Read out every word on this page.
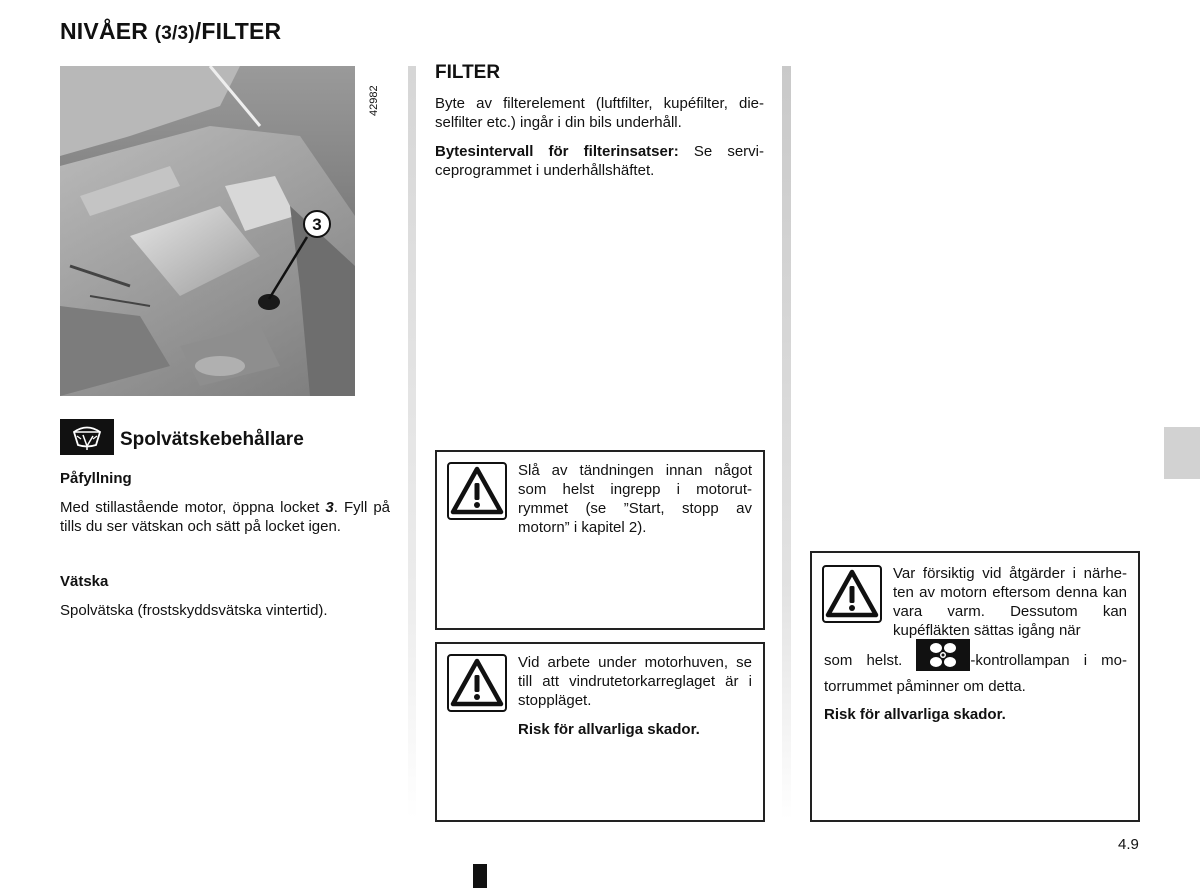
NIVÅER (3/3)/FILTER
3
42982
Spolvätskebehållare
Påfyllning
Med stillastående motor, öppna locket 3. Fyll på tills du ser vätskan och sätt på locket igen.
Vätska
Spolvätska (frostskyddsvätska vintertid).
FILTER
Byte av filterelement (luftfilter, kupéfilter, die-selfilter etc.) ingår i din bils underhåll.
Bytesintervall för filterinsatser: Se servi-ceprogrammet i underhållshäftet.
Slå av tändningen innan något som helst ingrepp i motorut-rymmet (se ”Start, stopp av motorn” i kapitel 2).
Vid arbete under motorhuven, se till att vindrutetorkarreglaget är i stoppläget.
Risk för allvarliga skador.
Var försiktig vid åtgärder i närhe-ten av motorn eftersom denna kan vara varm. Dessutom kan kupéfläkten sättas igång när
som helst.	-kontrollampan i mo-torrummet påminner om detta.
Risk för allvarliga skador.
4.9
